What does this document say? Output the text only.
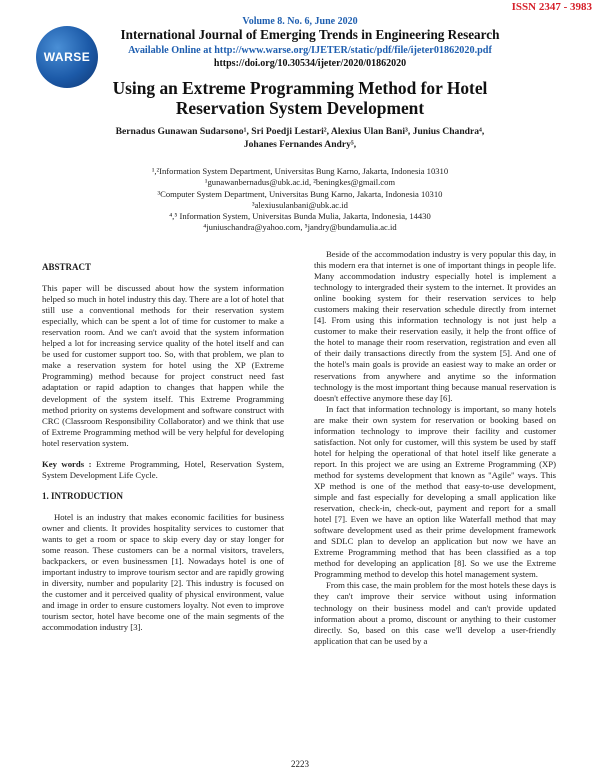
ISSN 2347 - 3983
Volume 8. No. 6, June 2020
WARSE
International Journal of Emerging Trends in Engineering Research
Available Online at http://www.warse.org/IJETER/static/pdf/file/ijeter01862020.pdf
https://doi.org/10.30534/ijeter/2020/01862020
Using an Extreme Programming Method for Hotel
Reservation System Development
Bernadus Gunawan Sudarsono¹, Sri Poedji Lestari², Alexius Ulan Bani³, Junius Chandra⁴,
Johanes Fernandes Andry⁵,
¹,²Information System Department, Universitas Bung Karno, Jakarta, Indonesia 10310
¹gunawanbernadus@ubk.ac.id, ²beningkes@gmail.com
³Computer System Department, Universitas Bung Karno, Jakarta, Indonesia 10310
³alexiusulanbani@ubk.ac.id
⁴,⁵ Information System, Universitas Bunda Mulia, Jakarta, Indonesia, 14430
⁴juniuschandra@yahoo.com, ⁵jandry@bundamulia.ac.id

ABSTRACT

This paper will be discussed about how the system information helped so much in hotel industry this day. There are a lot of hotel that still use a conventional methods for their reservation system especially, which can be spent a lot of time for customer to make a reservation room. And we can't avoid that the system information helped a lot for increasing service quality of the hotel itself and can be used for customer support too. So, with that problem, we plan to make a reservation system for hotel using the XP (Extreme Programming) method because for project construct need fast adaptation or rapid adaption to changes that happen while the development of the system itself. This Extreme Programming method priority on systems development and software construct with CRC (Classroom Responsibility Collaborator) and we think that use of Extreme Programming method will be very helpful for developing hotel reservation system.

Key words : Extreme Programming, Hotel, Reservation System, System Development Life Cycle.

1. INTRODUCTION

Hotel is an industry that makes economic facilities for business owner and clients. It provides hospitality services to customer that wants to get a room or space to skip every day or stay longer for some reason. These customers can be a normal visitors, travelers, backpackers, or even businessmen [1]. Nowadays hotel is one of important industry to improve tourism sector and are rapidly growing in diversity, number and popularity [2]. This industry is focused on the customer and it perceived quality of physical environment, value and image in order to ensure customers loyalty. Not even to improve tourism sector, hotel have become one of the main segments of the accommodation industry [3].

Beside of the accommodation industry is very popular this day, in this modern era that internet is one of important things in people life. Many accommodation industry especially hotel is implement a technology to intergraded their system to the internet. It provides an online booking system for their reservation services to help customers making their reservation schedule directly from internet [4]. From using this information technology is not just help a customer to make their reservation easily, it help the front office of the hotel to manage their room reservation, registration and even all of their daily transactions directly from the system [5]. And one of the hotel's main goals is provide an easiest way to make an order or reservations from anywhere and anytime so the information technology is the most important thing because manual reservation is doesn't effective anymore these day [6].

In fact that information technology is important, so many hotels are make their own system for reservation or booking based on information technology to improve their facility and customer satisfaction. Not only for customer, will this system be used by staff hotel for helping the operational of that hotel itself like generate a report. In this project we are using an Extreme Programming (XP) method for systems development that known as "Agile" ways. This XP method is one of the method that easy-to-use development, simple and fast especially for developing a small application like reservation, check-in, check-out, payment and report for a small hotel [7]. Even we have an option like Waterfall method that may software development used as their prime development framework and SDLC plan to develop an application but now we have an Extreme Programming method that has been classified as a top method for developing an application [8]. So we use the Extreme Programming method to develop this hotel management system.

From this case, the main problem for the most hotels these days is they can't improve their service without using information technology on their business model and can't provide updated information about a promo, discount or anything to their customer directly. So, based on this case we'll develop a user-friendly application that can be used by a

2223
